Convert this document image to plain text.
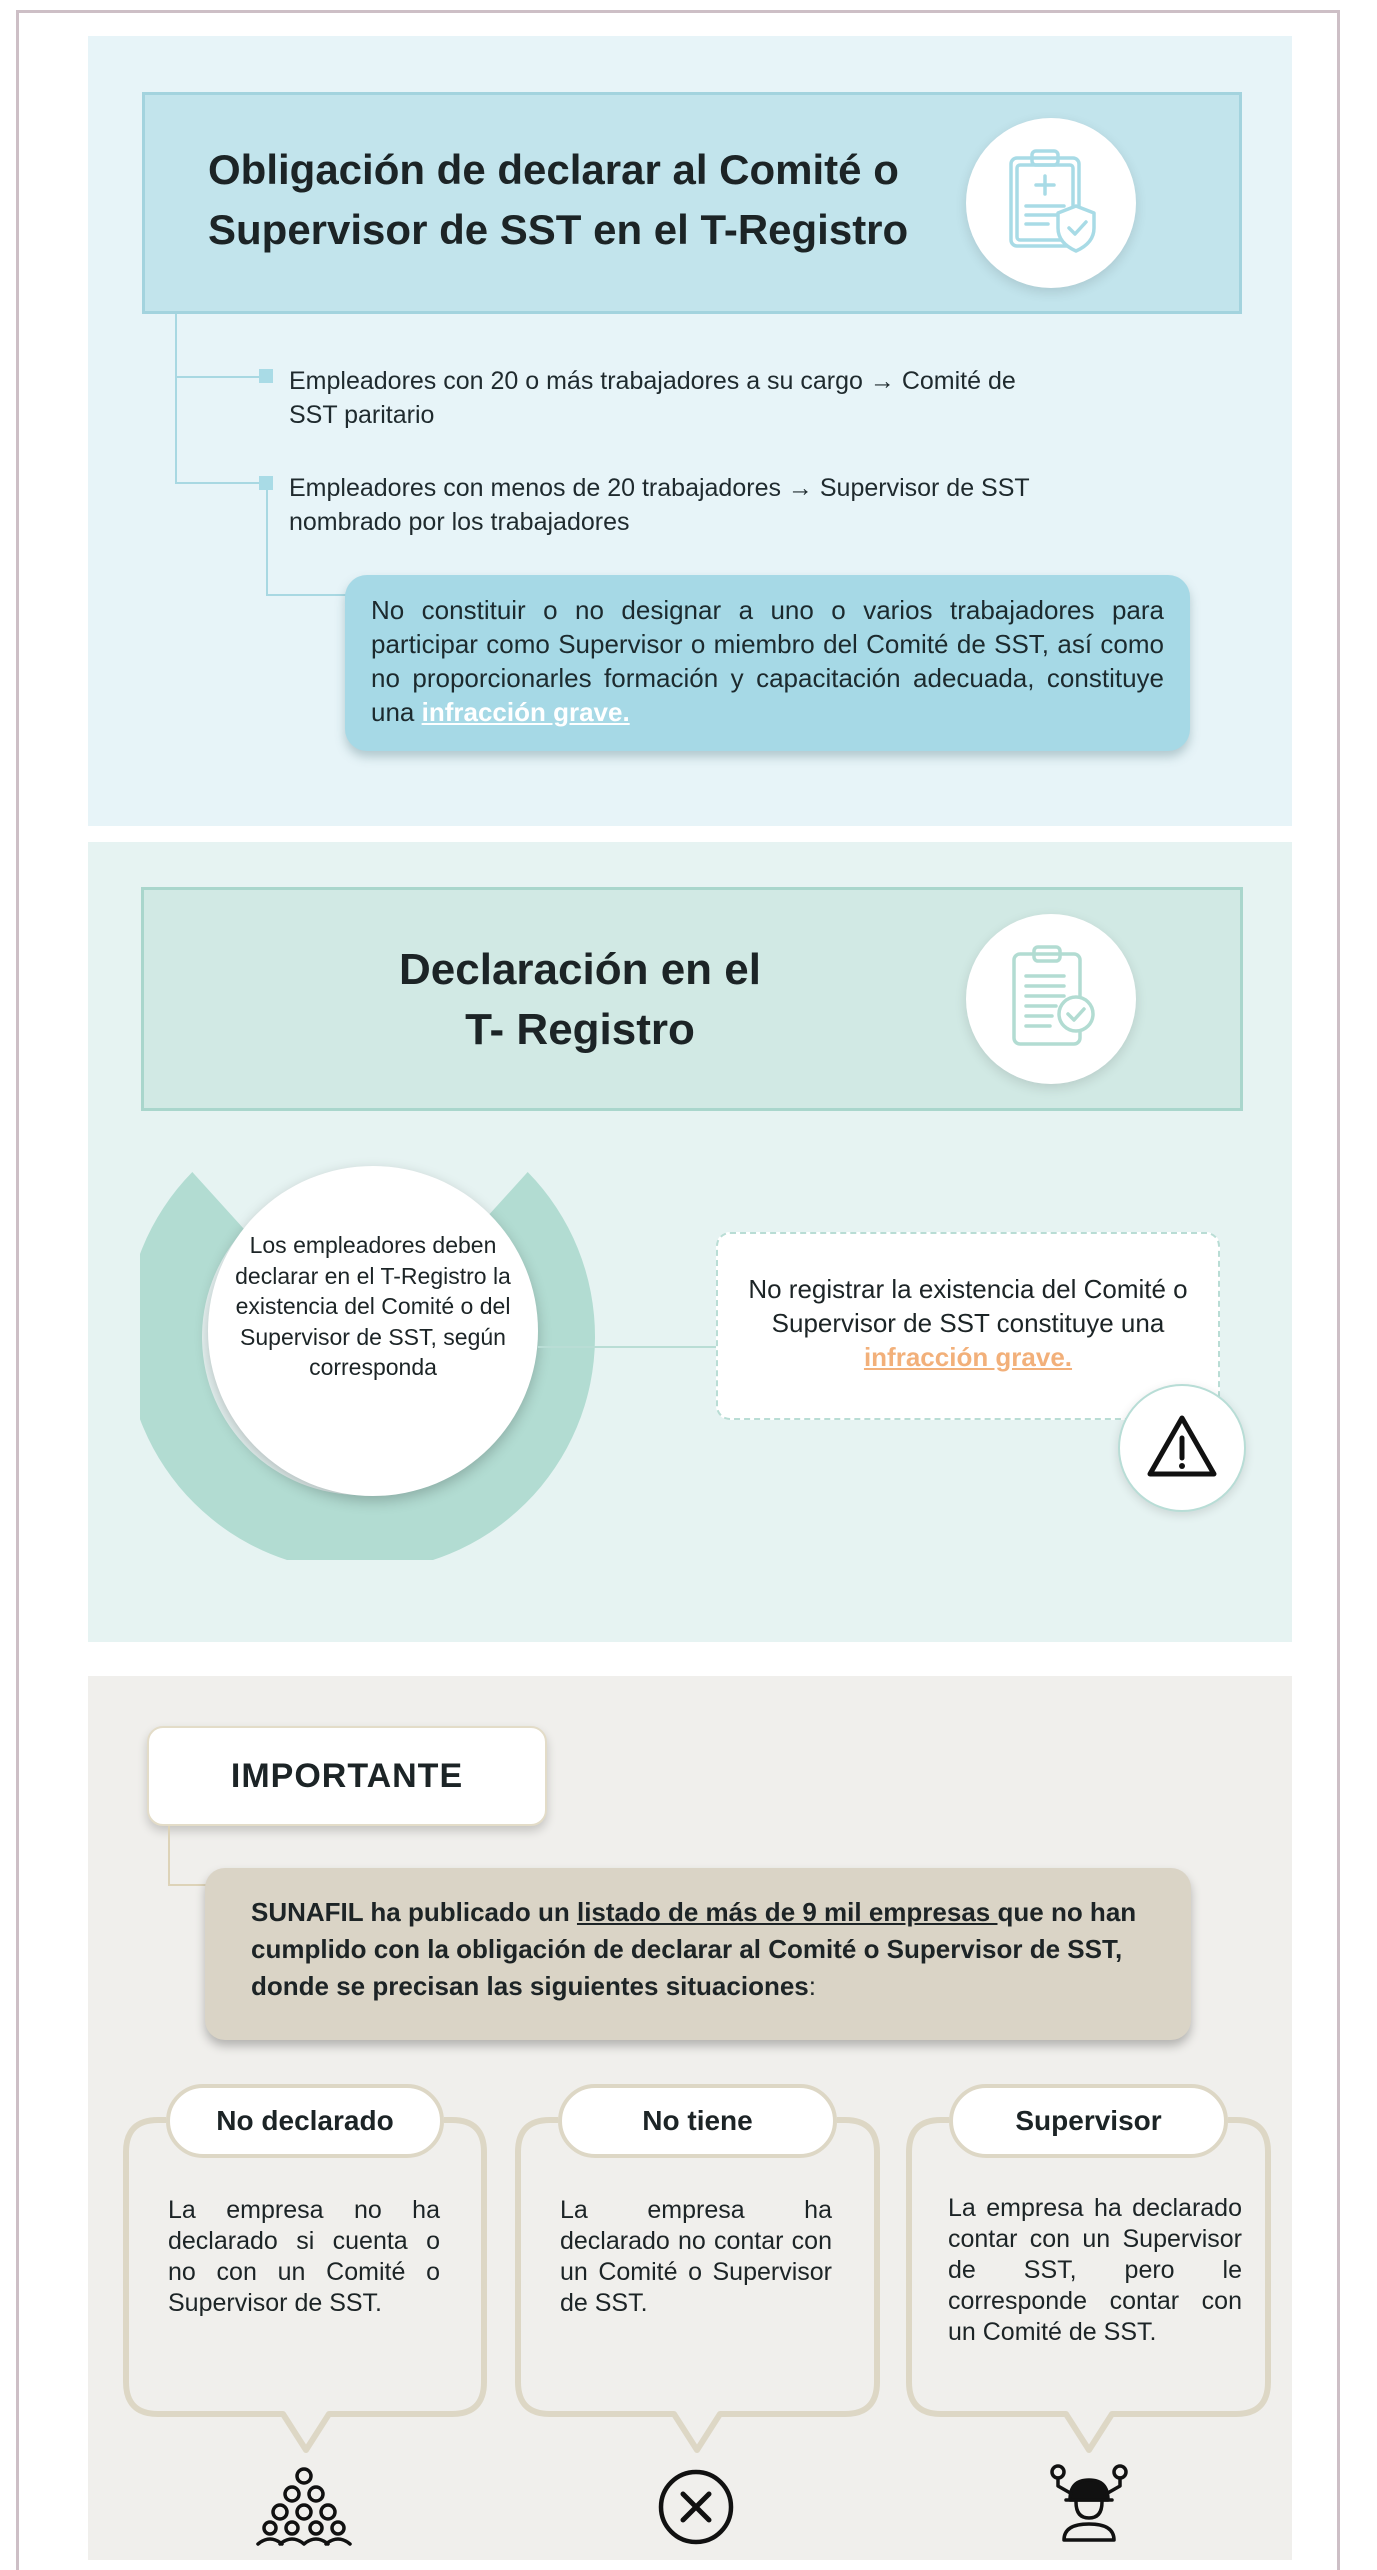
Obligación de declarar al Comité o
Supervisor de SST en el T-Registro
Empleadores con 20 o más trabajadores a su cargo → Comité de
SST paritario
Empleadores con menos de 20 trabajadores → Supervisor de SST
nombrado por los trabajadores
No constituir o no designar a uno o varios trabajadores para participar como Supervisor o miembro del Comité de SST, así como no proporcionarles formación y capacitación adecuada, constituye una infracción grave.
Declaración en el
T- Registro
Los empleadores deben declarar en el T-Registro la existencia del Comité o del Supervisor de SST, según corresponda
No registrar la existencia del Comité o Supervisor de SST constituye una infracción grave.
IMPORTANTE
SUNAFIL ha publicado un listado de más de 9 mil empresas que no han cumplido con la obligación de declarar al Comité o Supervisor de SST, donde se precisan las siguientes situaciones:
No declarado	No tiene	Supervisor
La empresa no ha declarado si cuenta o no con un Comité o Supervisor de SST.
La empresa ha declarado no contar con un Comité o Supervisor de SST.
La empresa ha declarado contar con un Supervisor de SST, pero le corresponde contar con un Comité de SST.
